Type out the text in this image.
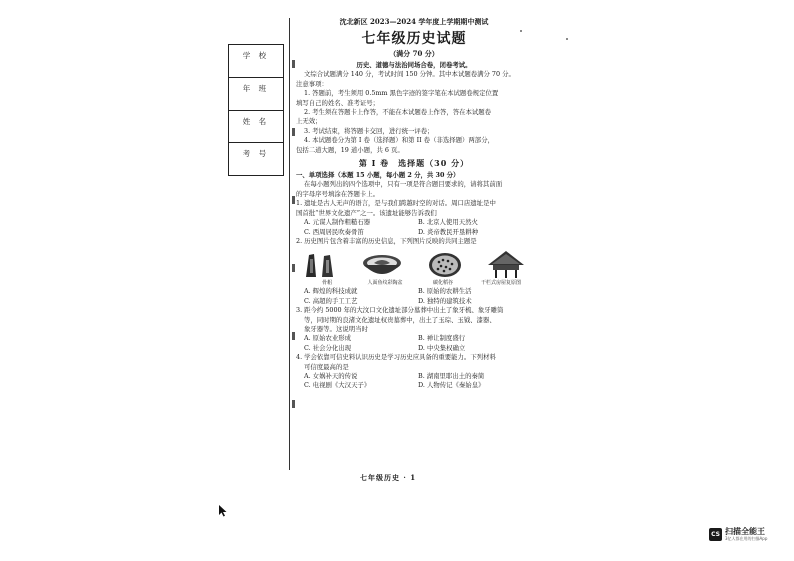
学 校
年 班
姓 名
考 号
沈北新区 2023—2024 学年度上学期期中测试
七年级历史试题
（满分 70 分）
历史、道德与法治同场合卷，闭卷考试。
文综合试题满分 140 分，考试时间 150 分钟。其中本试题卷满分 70 分。
注意事项：
1. 答题前，考生须用 0.5mm 黑色字迹的签字笔在本试题卷规定位置
填写自己的姓名、准考证号；
2. 考生须在答题卡上作答，不能在本试题卷上作答，答在本试题卷
上无效；
3. 考试结束，将答题卡交回，进行统一评卷；
4. 本试题卷分为第 I 卷（选择题）和第 II 卷（非选择题）两部分，
包括二道大题，19 道小题，共 6 页。
第 I 卷　选择题（30 分）
一、单项选择（本题 15 小题，每小题 2 分，共 30 分）
在每小题列出的四个选项中，只有一项是符合题目要求的，请将其前面
的字母序号填涂在答题卡上。
1. 遗址是古人无声的语言，是与我们跨越时空的对话。周口店遗址是中
国首批“世界文化遗产”之一。该遗址能够告诉我们
A. 元谋人制作粗糙石器	B. 北京人使用天然火
C. 西周居民吹奏骨笛	D. 炎帝教民开垦耕种
2. 历史图片包含着丰富的历史信息，下列图片反映的共同主题是
骨耜	人面鱼纹彩陶盆	碳化稻谷	干栏式房屋复原图
A. 辉煌的科技成就	B. 原始的农耕生活
C. 高超的手工工艺	D. 独特的建筑技术
3. 距今约 5000 年的大汶口文化遗址部分墓葬中出土了象牙梳、象牙雕筒
等，同时期的良渚文化遗址权贵墓葬中，出土了玉琮、玉钺、漆器、
象牙器等。这说明当时
A. 原始农业形成	B. 禅让制度盛行
C. 社会分化出现	D. 中央集权确立
4. 学会依靠可信史料认识历史是学习历史应具备的重要能力。下列材料
可信度最高的是
A. 女娲补天的传说	B. 湖南里耶出土的秦简
C. 电视剧《大汉天子》	D. 人物传记《秦始皇》
七年级历史 · 1
CS 扫描全能王
3亿人都在用的扫描App
